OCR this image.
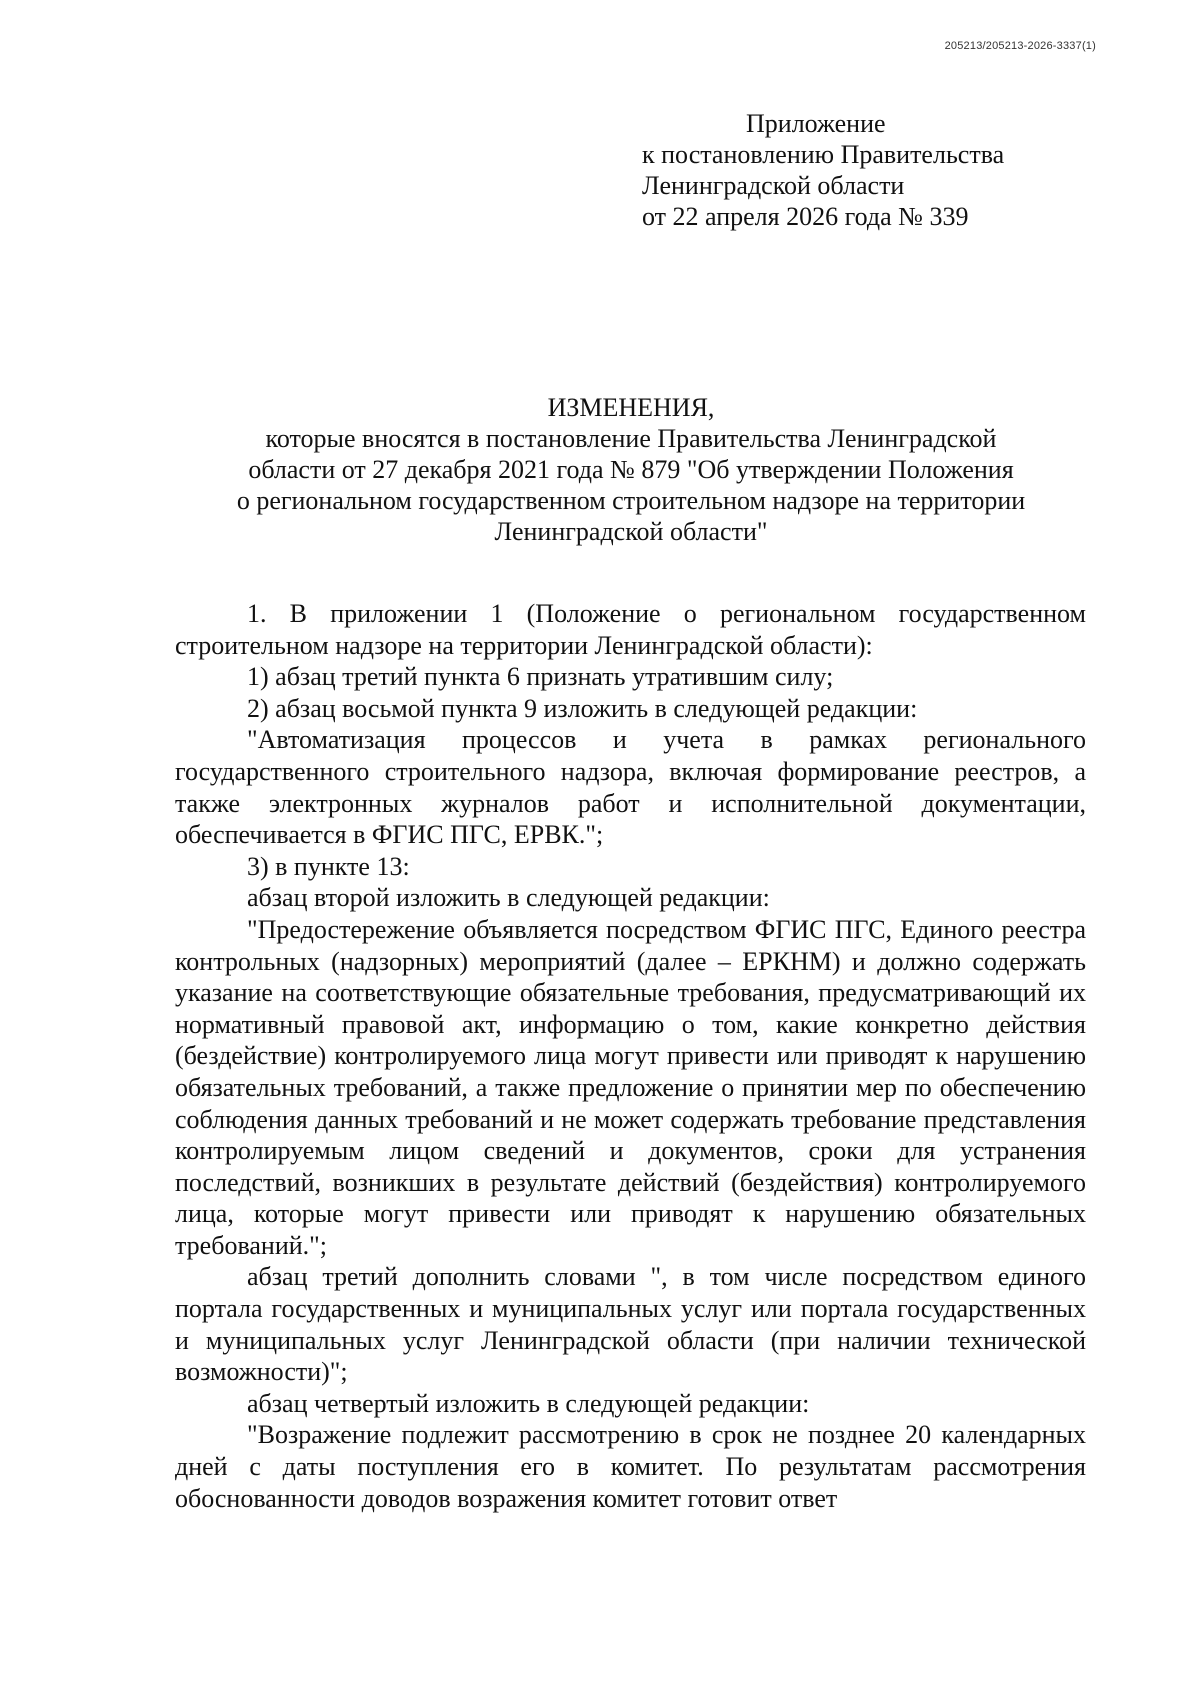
205213/205213-2026-3337(1)
Приложение
к постановлению Правительства
Ленинградской области
от 22 апреля 2026 года № 339
ИЗМЕНЕНИЯ,
которые вносятся в постановление Правительства Ленинградской
области от 27 декабря 2021 года № 879 "Об утверждении Положения
о региональном государственном строительном надзоре на территории
Ленинградской области"

1. В приложении 1 (Положение о региональном государственном строительном надзоре на территории Ленинградской области):

1) абзац третий пункта 6 признать утратившим силу;

2) абзац восьмой пункта 9 изложить в следующей редакции:

"Автоматизация процессов и учета в рамках регионального государственного строительного надзора, включая формирование реестров, а также электронных журналов работ и исполнительной документации, обеспечивается в ФГИС ПГС, ЕРВК.";

3) в пункте 13:

абзац второй изложить в следующей редакции:

"Предостережение объявляется посредством ФГИС ПГС, Единого реестра контрольных (надзорных) мероприятий (далее – ЕРКНМ) и должно содержать указание на соответствующие обязательные требования, предусматривающий их нормативный правовой акт, информацию о том, какие конкретно действия (бездействие) контролируемого лица могут привести или приводят к нарушению обязательных требований, а также предложение о принятии мер по обеспечению соблюдения данных требований и не может содержать требование представления контролируемым лицом сведений и документов, сроки для устранения последствий, возникших в результате действий (бездействия) контролируемого лица, которые могут привести или приводят к нарушению обязательных требований.";

абзац третий дополнить словами ", в том числе посредством единого портала государственных и муниципальных услуг или портала государственных и муниципальных услуг Ленинградской области (при наличии технической возможности)";

абзац четвертый изложить в следующей редакции:

"Возражение подлежит рассмотрению в срок не позднее 20 календарных дней с даты поступления его в комитет. По результатам рассмотрения обоснованности доводов возражения комитет готовит ответ
